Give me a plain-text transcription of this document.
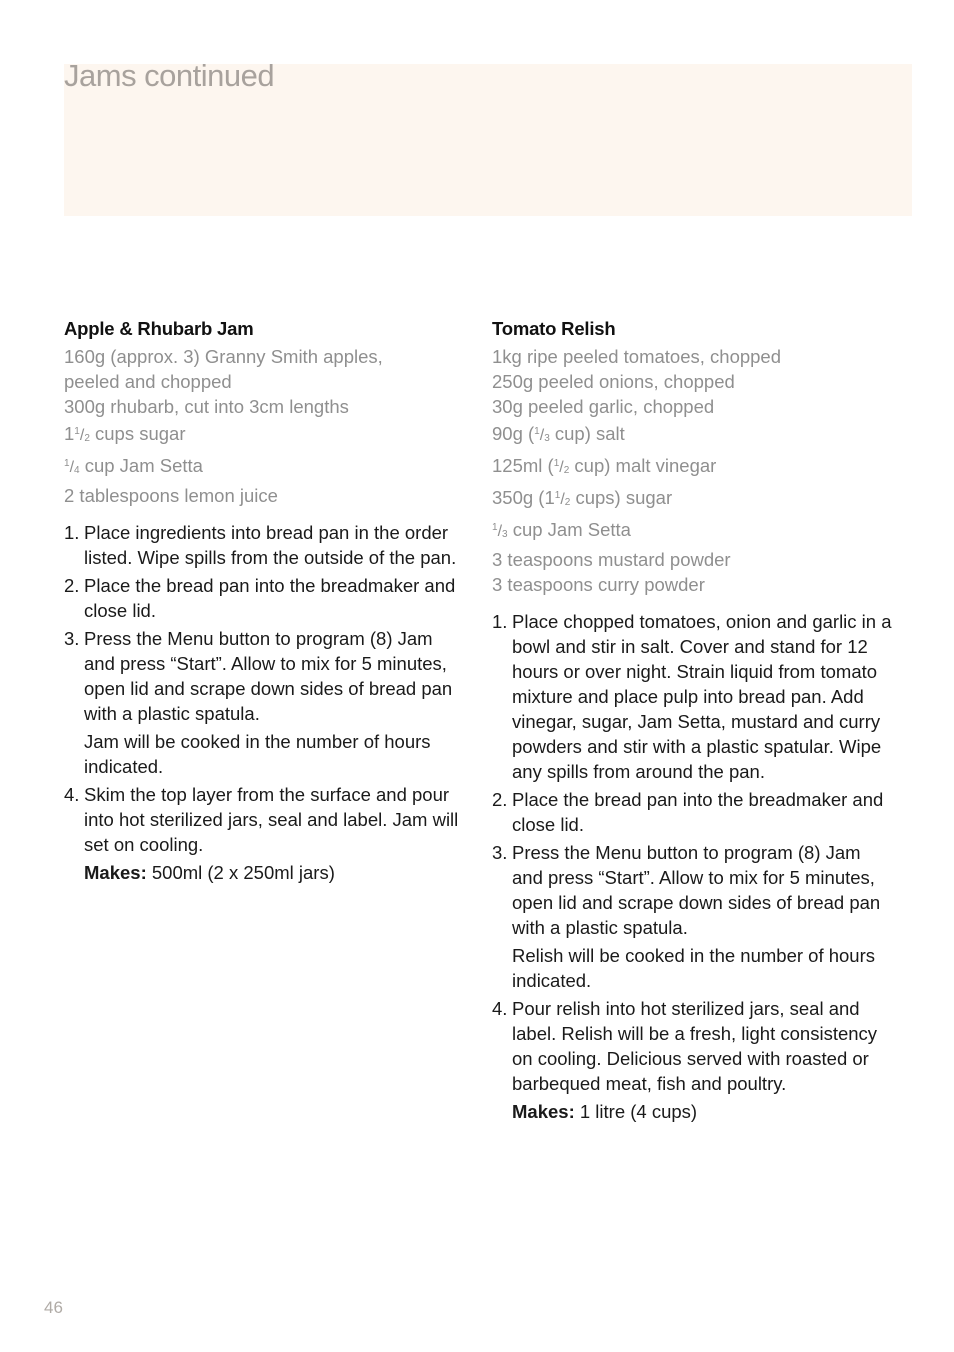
Jams continued
Apple & Rhubarb Jam
160g (approx. 3) Granny Smith apples,
peeled and chopped
300g rhubarb, cut into 3cm lengths
$1^1/2$ cups sugar
$^1$/4 cup Jam Setta
2 tablespoons lemon juice
1. Place ingredients into bread pan in the order listed. Wipe spills from the outside of the pan.
2. Place the bread pan into the breadmaker and close lid.
3. Press the Menu button to program (8) Jam and press “Start”. Allow to mix for 5 minutes, open lid and scrape down sides of bread pan with a plastic spatula.
Jam will be cooked in the number of hours indicated.
4. Skim the top layer from the surface and pour into hot sterilized jars, seal and label. Jam will set on cooling.
Makes: 500ml (2 x 250ml jars)
Tomato Relish
1kg ripe peeled tomatoes, chopped
250g peeled onions, chopped
30g peeled garlic, chopped
90g ($^1$/3 cup) salt
125ml ($^1$/2 cup) malt vinegar
350g ($1^1/2$ cups) sugar
$^1$/3 cup Jam Setta
3 teaspoons mustard powder
3 teaspoons curry powder
1. Place chopped tomatoes, onion and garlic in a bowl and stir in salt. Cover and stand for 12 hours or over night. Strain liquid from tomato mixture and place pulp into bread pan. Add vinegar, sugar, Jam Setta, mustard and curry powders and stir with a plastic spatular. Wipe any spills from around the pan.
2. Place the bread pan into the breadmaker and close lid.
3. Press the Menu button to program (8) Jam and press “Start”. Allow to mix for 5 minutes, open lid and scrape down sides of bread pan with a plastic spatula.
Relish will be cooked in the number of hours indicated.
4. Pour relish into hot sterilized jars, seal and label. Relish will be a fresh, light consistency on cooling. Delicious served with roasted or barbequed meat, fish and poultry.
Makes: 1 litre (4 cups)
46
